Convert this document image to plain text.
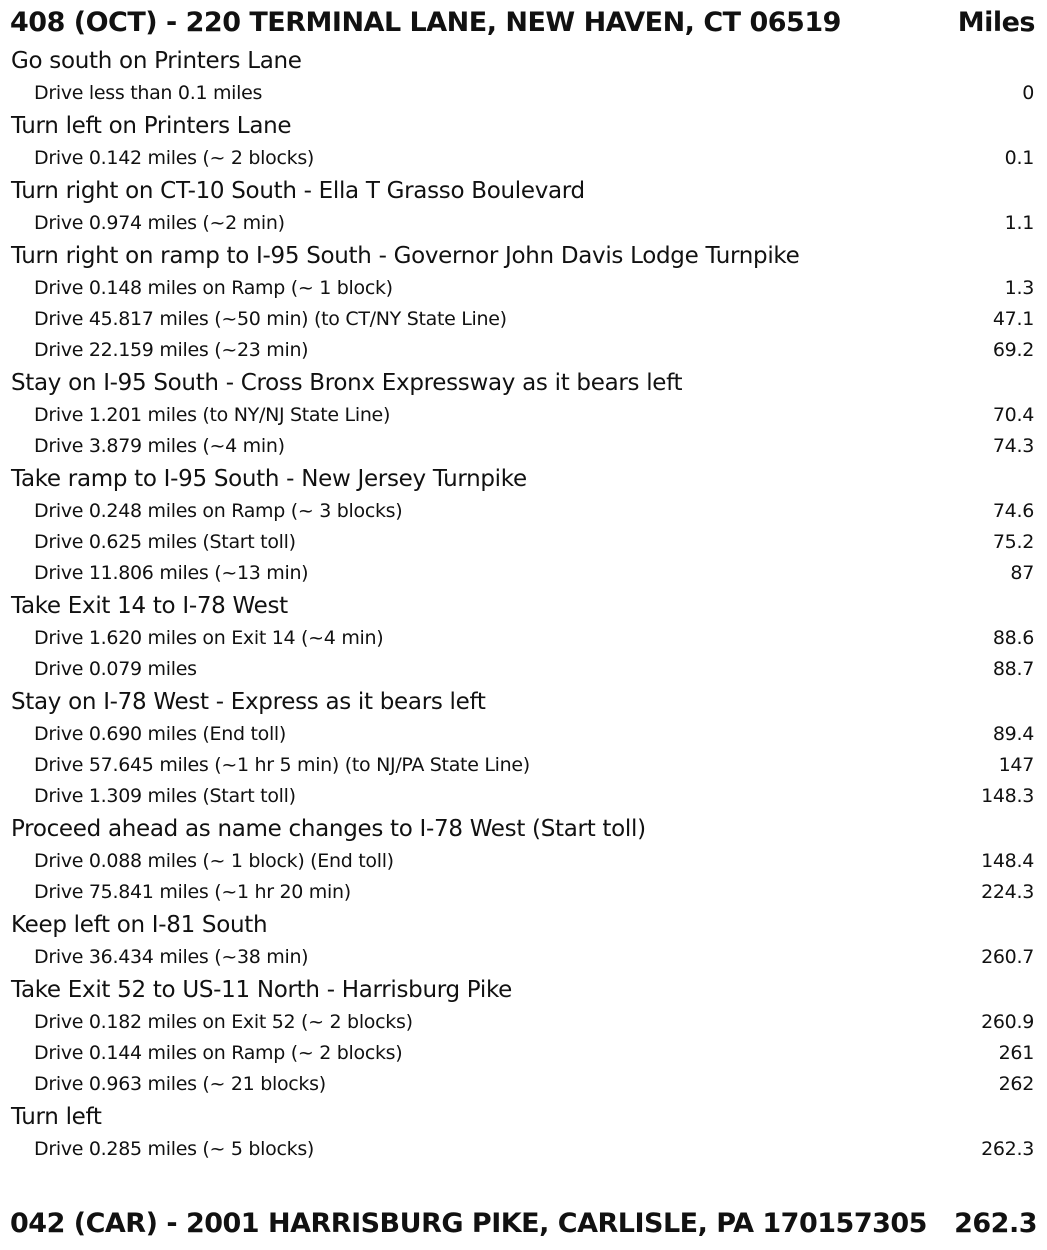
408 (OCT) - 220 TERMINAL LANE, NEW HAVEN, CT 06519	Miles
Go south on Printers Lane
Drive less than 0.1 miles	0
Turn left on Printers Lane
Drive 0.142 miles (~ 2 blocks)	0.1
Turn right on CT-10 South - Ella T Grasso Boulevard
Drive 0.974 miles (~2 min)	1.1
Turn right on ramp to I-95 South - Governor John Davis Lodge Turnpike
Drive 0.148 miles on Ramp (~ 1 block)	1.3
Drive 45.817 miles (~50 min) (to CT/NY State Line)	47.1
Drive 22.159 miles (~23 min)	69.2
Stay on I-95 South - Cross Bronx Expressway as it bears left
Drive 1.201 miles (to NY/NJ State Line)	70.4
Drive 3.879 miles (~4 min)	74.3
Take ramp to I-95 South - New Jersey Turnpike
Drive 0.248 miles on Ramp (~ 3 blocks)	74.6
Drive 0.625 miles (Start toll)	75.2
Drive 11.806 miles (~13 min)	87
Take Exit 14 to I-78 West
Drive 1.620 miles on Exit 14 (~4 min)	88.6
Drive 0.079 miles	88.7
Stay on I-78 West - Express as it bears left
Drive 0.690 miles (End toll)	89.4
Drive 57.645 miles (~1 hr 5 min) (to NJ/PA State Line)	147
Drive 1.309 miles (Start toll)	148.3
Proceed ahead as name changes to I-78 West (Start toll)
Drive 0.088 miles (~ 1 block) (End toll)	148.4
Drive 75.841 miles (~1 hr 20 min)	224.3
Keep left on I-81 South
Drive 36.434 miles (~38 min)	260.7
Take Exit 52 to US-11 North - Harrisburg Pike
Drive 0.182 miles on Exit 52 (~ 2 blocks)	260.9
Drive 0.144 miles on Ramp (~ 2 blocks)	261
Drive 0.963 miles (~ 21 blocks)	262
Turn left
Drive 0.285 miles (~ 5 blocks)	262.3
042 (CAR) - 2001 HARRISBURG PIKE, CARLISLE, PA 170157305 262.3
